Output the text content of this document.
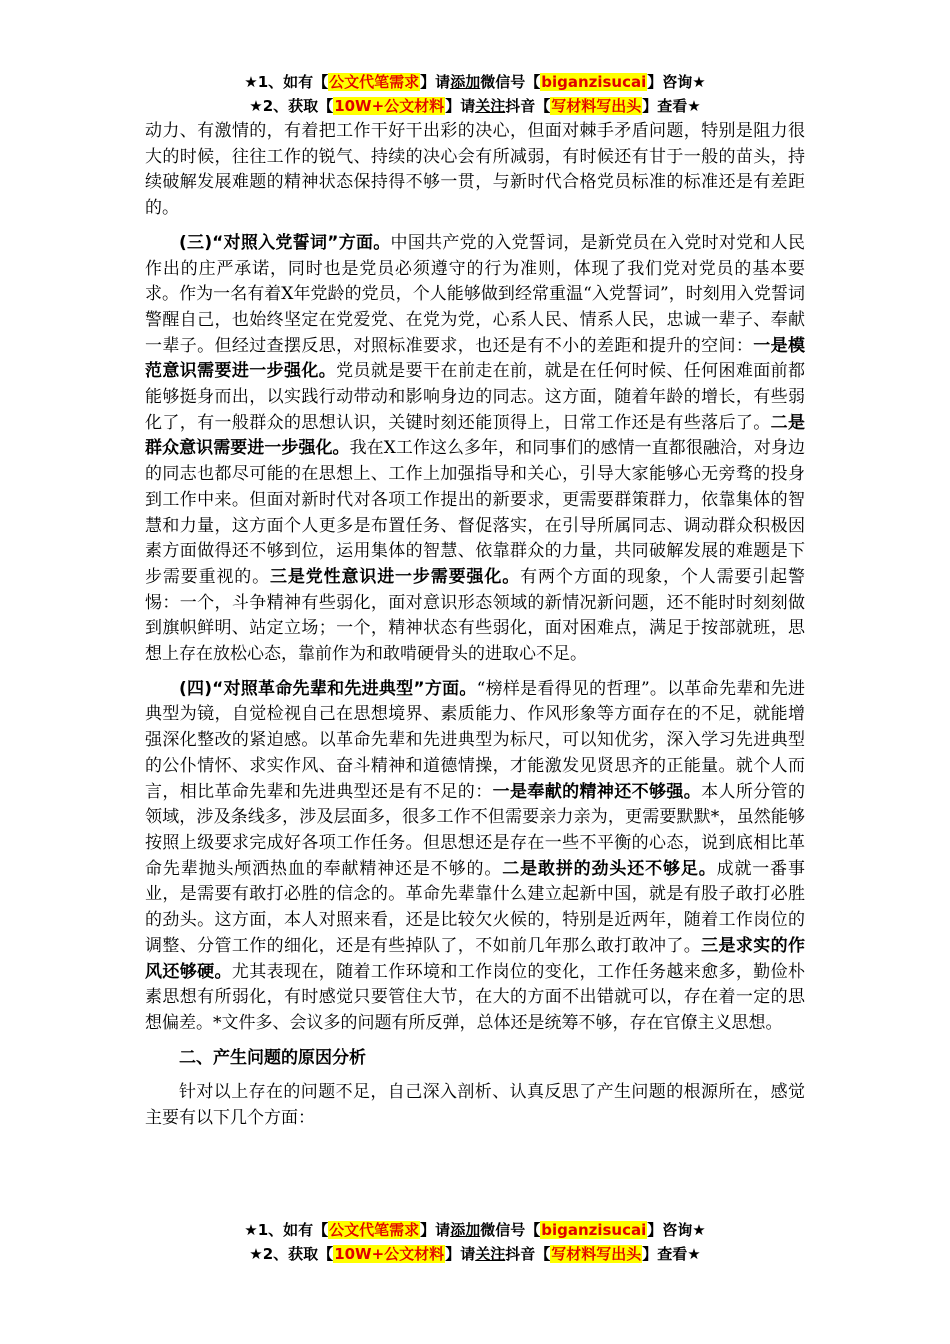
★1、如有【公文代笔需求】请添加微信号【biganzisucai】咨询★
★2、获取【10W+公文材料】请关注抖音【写材料写出头】查看★

动力、有激情的，有着把工作干好干出彩的决心，但面对棘手矛盾问题，特别是阻力很大的时候，往往工作的锐气、持续的决心会有所减弱，有时候还有甘于一般的苗头，持续破解发展难题的精神状态保持得不够一贯，与新时代合格党员标准的标准还是有差距的。

(三)“对照入党誓词”方面。中国共产党的入党誓词，是新党员在入党时对党和人民作出的庄严承诺，同时也是党员必须遵守的行为准则，体现了我们党对党员的基本要求。作为一名有着X年党龄的党员，个人能够做到经常重温“入党誓词”，时刻用入党誓词警醒自己，也始终坚定在党爱党、在党为党，心系人民、情系人民，忠诚一辈子、奉献一辈子。但经过查摆反思，对照标准要求，也还是有不小的差距和提升的空间：一是模范意识需要进一步强化。党员就是要干在前走在前，就是在任何时候、任何困难面前都能够挺身而出，以实践行动带动和影响身边的同志。这方面，随着年龄的增长，有些弱化了，有一般群众的思想认识，关键时刻还能顶得上，日常工作还是有些落后了。二是群众意识需要进一步强化。我在X工作这么多年，和同事们的感情一直都很融洽，对身边的同志也都尽可能的在思想上、工作上加强指导和关心，引导大家能够心无旁骛的投身到工作中来。但面对新时代对各项工作提出的新要求，更需要群策群力，依靠集体的智慧和力量，这方面个人更多是布置任务、督促落实，在引导所属同志、调动群众积极因素方面做得还不够到位，运用集体的智慧、依靠群众的力量，共同破解发展的难题是下步需要重视的。三是党性意识进一步需要强化。有两个方面的现象，个人需要引起警惕：一个，斗争精神有些弱化，面对意识形态领域的新情况新问题，还不能时时刻刻做到旗帜鲜明、站定立场；一个，精神状态有些弱化，面对困难点，满足于按部就班，思想上存在放松心态，靠前作为和敢啃硬骨头的进取心不足。

(四)“对照革命先辈和先进典型”方面。“榜样是看得见的哲理”。以革命先辈和先进典型为镜，自觉检视自己在思想境界、素质能力、作风形象等方面存在的不足，就能增强深化整改的紧迫感。以革命先辈和先进典型为标尺，可以知优劣，深入学习先进典型的公仆情怀、求实作风、奋斗精神和道德情操，才能激发见贤思齐的正能量。就个人而言，相比革命先辈和先进典型还是有不足的：一是奉献的精神还不够强。本人所分管的领域，涉及条线多，涉及层面多，很多工作不但需要亲力亲为，更需要默默*，虽然能够按照上级要求完成好各项工作任务。但思想还是存在一些不平衡的心态，说到底相比革命先辈抛头颅洒热血的奉献精神还是不够的。二是敢拼的劲头还不够足。成就一番事业，是需要有敢打必胜的信念的。革命先辈靠什么建立起新中国，就是有股子敢打必胜的劲头。这方面，本人对照来看，还是比较欠火候的，特别是近两年，随着工作岗位的调整、分管工作的细化，还是有些掉队了，不如前几年那么敢打敢冲了。三是求实的作风还够硬。尤其表现在，随着工作环境和工作岗位的变化，工作任务越来愈多，勤俭朴素思想有所弱化，有时感觉只要管住大节，在大的方面不出错就可以，存在着一定的思想偏差。*文件多、会议多的问题有所反弹，总体还是统筹不够，存在官僚主义思想。

二、产生问题的原因分析

针对以上存在的问题不足，自己深入剖析、认真反思了产生问题的根源所在，感觉主要有以下几个方面：

★1、如有【公文代笔需求】请添加微信号【biganzisucai】咨询★
★2、获取【10W+公文材料】请关注抖音【写材料写出头】查看★
